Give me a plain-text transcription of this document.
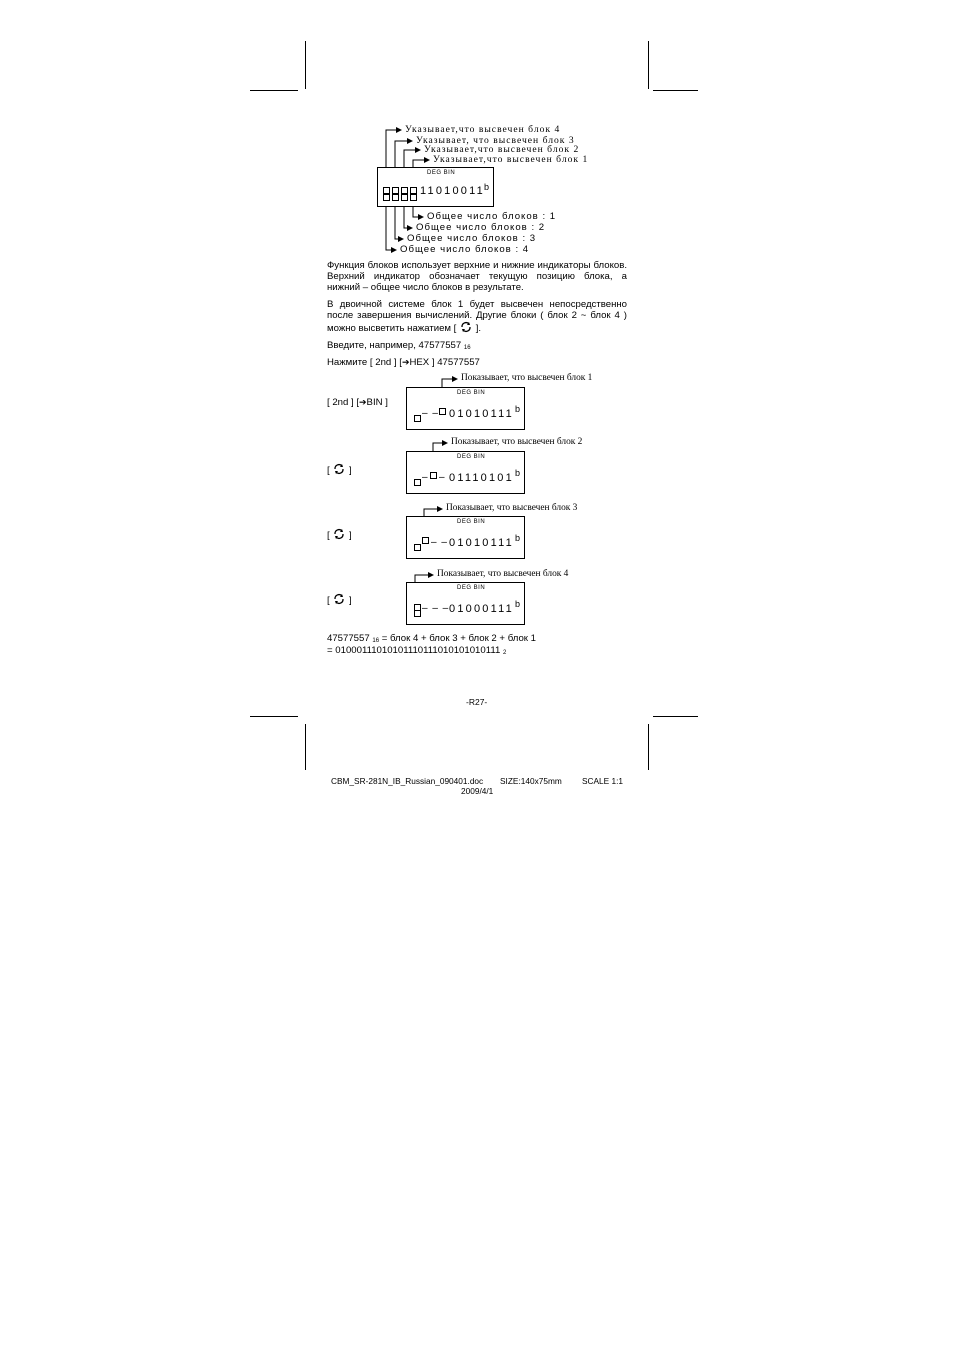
Указывает,что высвечен блок 4
Указывает, что высвечен блок 3
Указывает,что высвечен блок 2
Указывает,что высвечен блок 1
DEG BIN
11010011 b
Общее число блоков : 1
Общее число блоков : 2
Общее число блоков : 3
Общее число блоков : 4
Функция блоков использует верхние и нижние индикаторы блоков.
Верхний индикатор обозначает текущую позицию блока, а
нижний – общее число блоков в результате.
В двоичной системе блок 1 будет высвечен непосредственно
после завершения вычислений. Другие блоки ( блок 2 ~ блок 4 )
можно высветить нажатием [ ].
Введите, например, 47577557 16
Нажмите [ 2nd ] [➔HEX ] 47577557
[ 2nd ] [➔BIN ]
Показывает, что высвечен блок 1
DEG BIN
– – 01010111 b
[ ]
Показывает, что высвечен блок 2
DEG BIN
– – 01110101 b
[ ]
Показывает, что высвечен блок 3
DEG BIN
– – 01010111 b
[ ]
Показывает, что высвечен блок 4
DEG BIN
– – – 01000111 b
47577557 16 = блок 4 + блок 3 + блок 2 + блок 1
= 01000111010101110111010101010111 2
-R27-
CBM_SR-281N_IB_Russian_090401.doc SIZE:140x75mm SCALE 1:1
2009/4/1
